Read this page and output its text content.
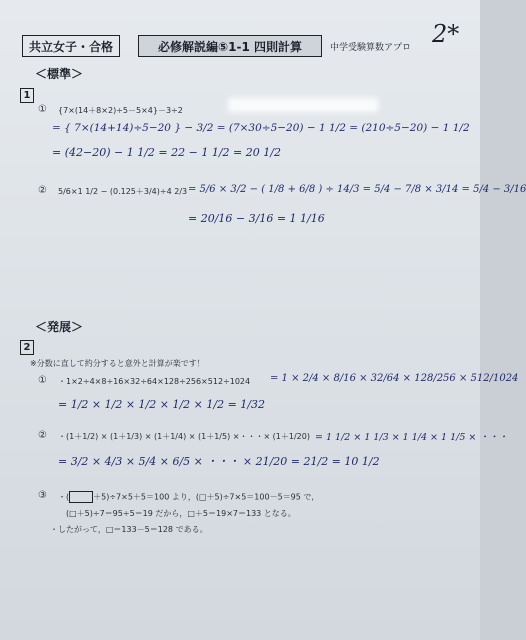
共立女子・合格	必修解説編⑤1-1 四則計算	中学受験算数アプロ 2*
＜標準＞
1
① {7×(14＋8×2)÷5－5×4}－3÷2
= { 7×(14+14)÷5−20 } − 3/2 = (7×30÷5−20) − 1 1/2 = (210÷5−20) − 1 1/2
= (42−20) − 1 1/2 = 22 − 1 1/2 = 20 1/2
② 5/6×1 1/2 − (0.125＋3/4)÷4 2/3 = 5/6 × 3/2 − ( 1/8 + 6/8 ) ÷ 14/3 = 5/4 − 7/8 × 3/14 = 5/4 − 3/16
= 20/16 − 3/16 = 1 1/16
＜発展＞
2
※分数に直して約分すると意外と計算が楽です！
① ・1×2÷4×8÷16×32÷64×128÷256×512÷1024 = 1 × 2/4 × 8/16 × 32/64 × 128/256 × 512/1024
= 1/2 × 1/2 × 1/2 × 1/2 × 1/2 = 1/32
② ・(1＋1/2) × (1＋1/3) × (1＋1/4) × (1＋1/5) ×・・・× (1＋1/20) = 1 1/2 × 1 1/3 × 1 1/4 × 1 1/5 × ・・・
= 3/2 × 4/3 × 5/4 × 6/5 × ・・・ × 21/20 = 21/2 = 10 1/2
③ ・(	＋5)÷7×5＋5＝100 より，(□＋5)÷7×5＝100－5＝95 で,
(□＋5)÷7＝95÷5＝19 だから，□＋5＝19×7＝133 となる。
・したがって，□＝133－5＝128 である。
